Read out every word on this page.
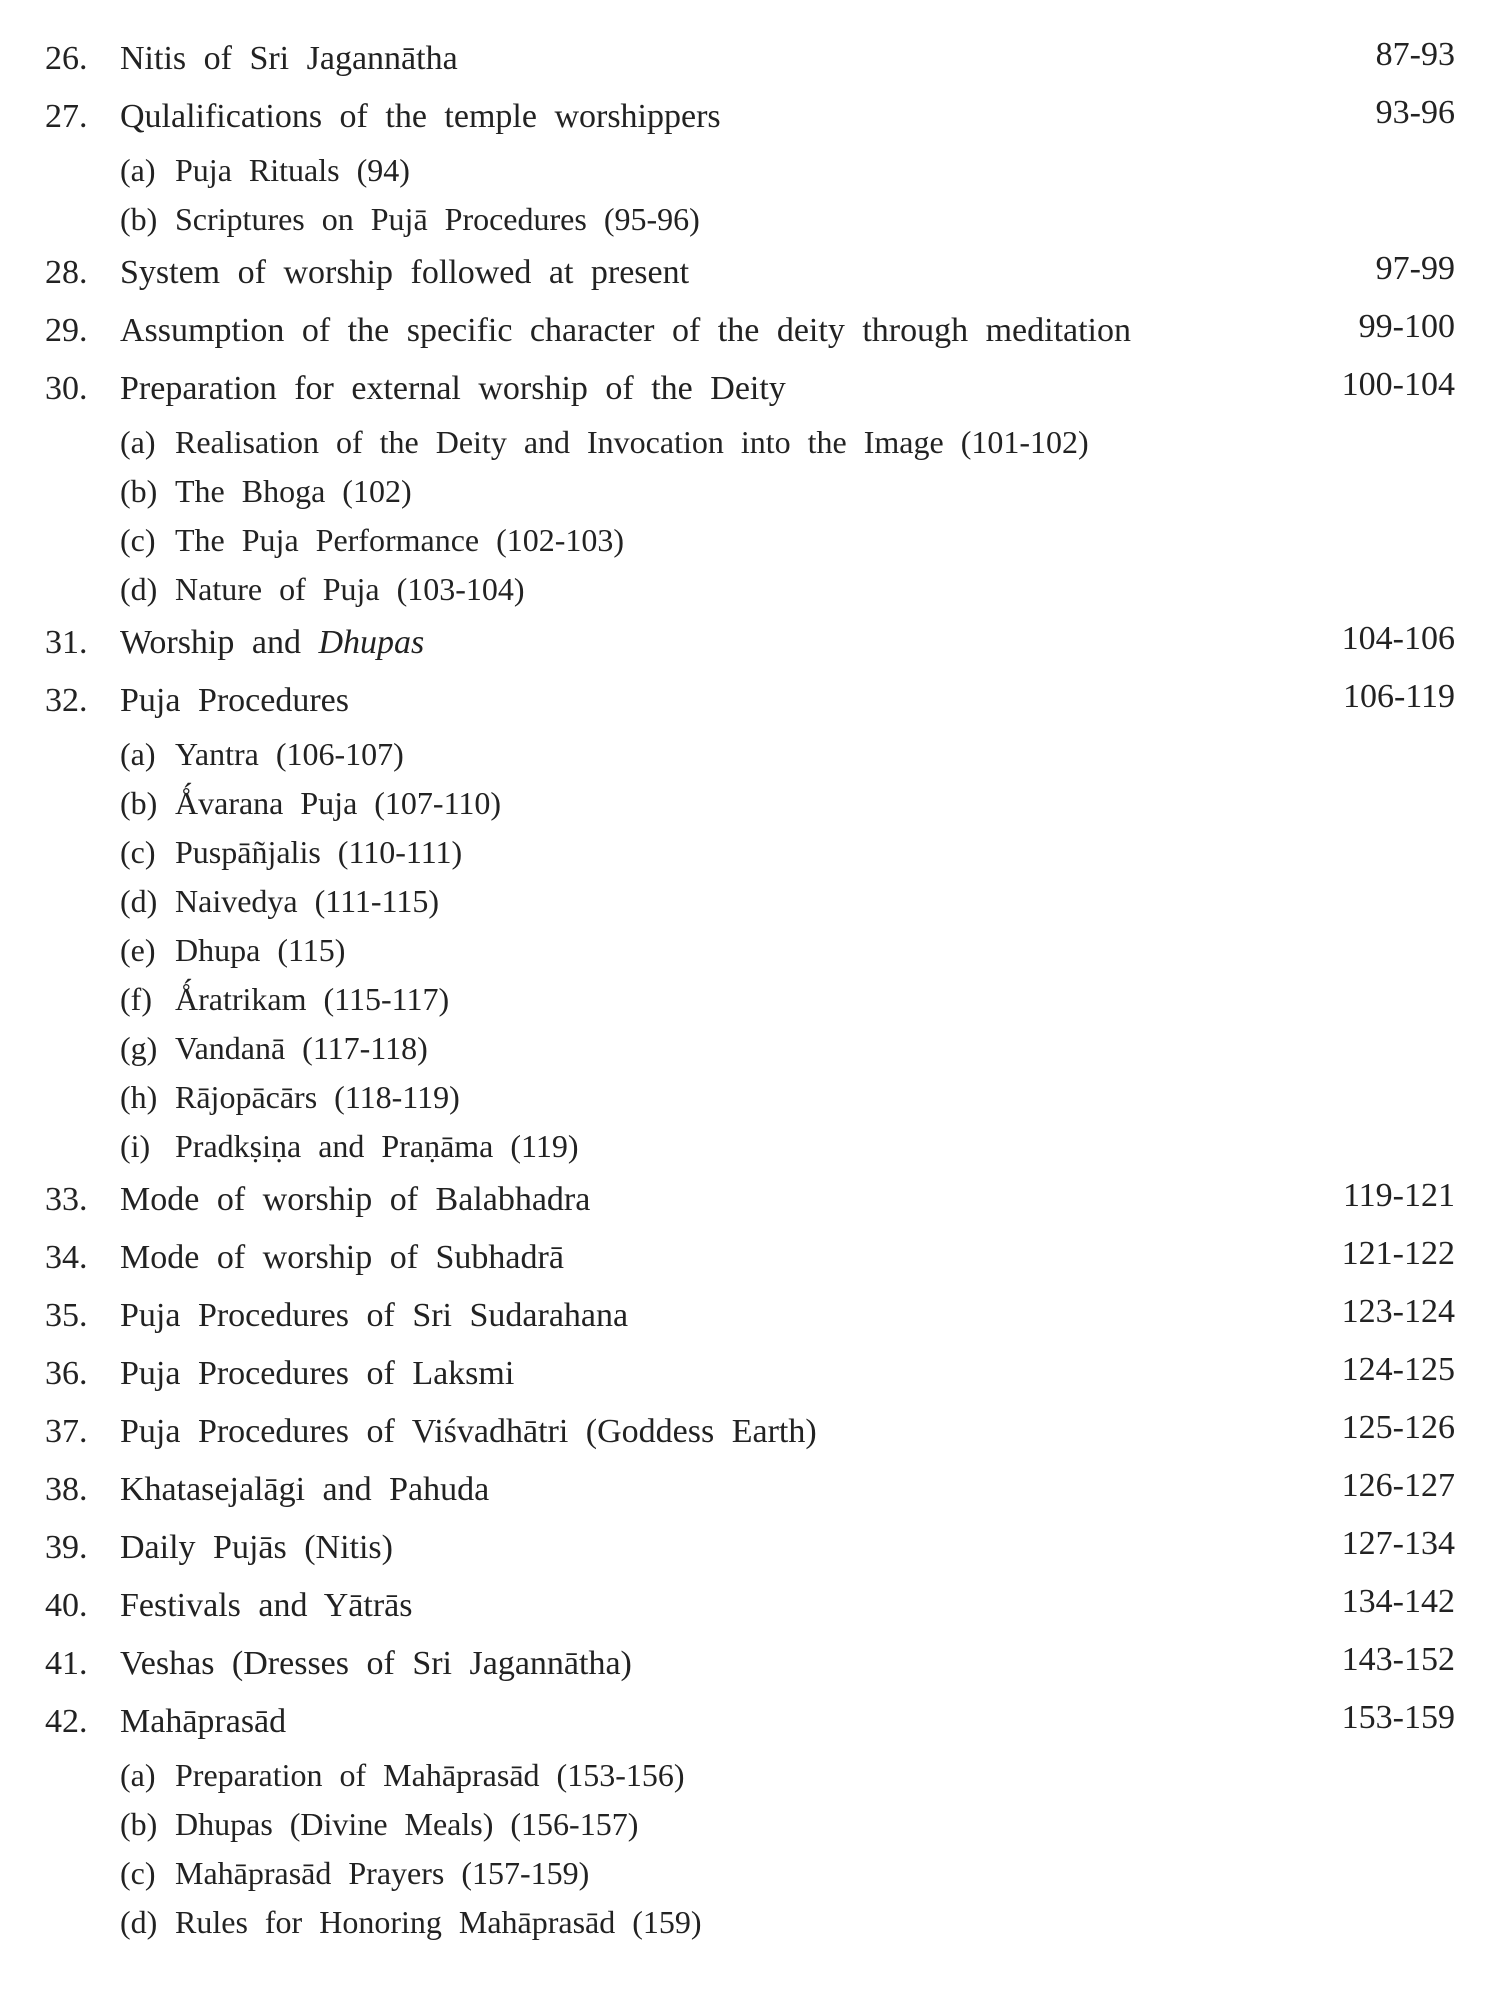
26. Nitis of Sri Jagannātha	87-93
27. Qulalifications of the temple worshippers	93-96
(a) Puja Rituals (94)
(b) Scriptures on Pujā Procedures (95-96)
28. System of worship followed at present	97-99
29. Assumption of the specific character of the deity through meditation	99-100
30. Preparation for external worship of the Deity	100-104
(a) Realisation of the Deity and Invocation into the Image (101-102)
(b) The Bhoga (102)
(c) The Puja Performance (102-103)
(d) Nature of Puja (103-104)
31. Worship and Dhupas	104-106
32. Puja Procedures	106-119
(a) Yantra (106-107)
(b) Ǻvarana Puja (107-110)
(c) Puspāñjalis (110-111)
(d) Naivedya (111-115)
(e) Dhupa (115)
(f) Ǻratrikam (115-117)
(g) Vandanā (117-118)
(h) Rājopācārs (118-119)
(i) Pradkṣiṇa and Praṇāma (119)
33. Mode of worship of Balabhadra	119-121
34. Mode of worship of Subhadrā	121-122
35. Puja Procedures of Sri Sudarahana	123-124
36. Puja Procedures of Laksmi	124-125
37. Puja Procedures of Viśvadhātri (Goddess Earth)	125-126
38. Khatasejalāgi and Pahuda	126-127
39. Daily Pujās (Nitis)	127-134
40. Festivals and Yātrās	134-142
41. Veshas (Dresses of Sri Jagannātha)	143-152
42. Mahāprasād	153-159
(a) Preparation of Mahāprasād (153-156)
(b) Dhupas (Divine Meals) (156-157)
(c) Mahāprasād Prayers (157-159)
(d) Rules for Honoring Mahāprasād (159)
